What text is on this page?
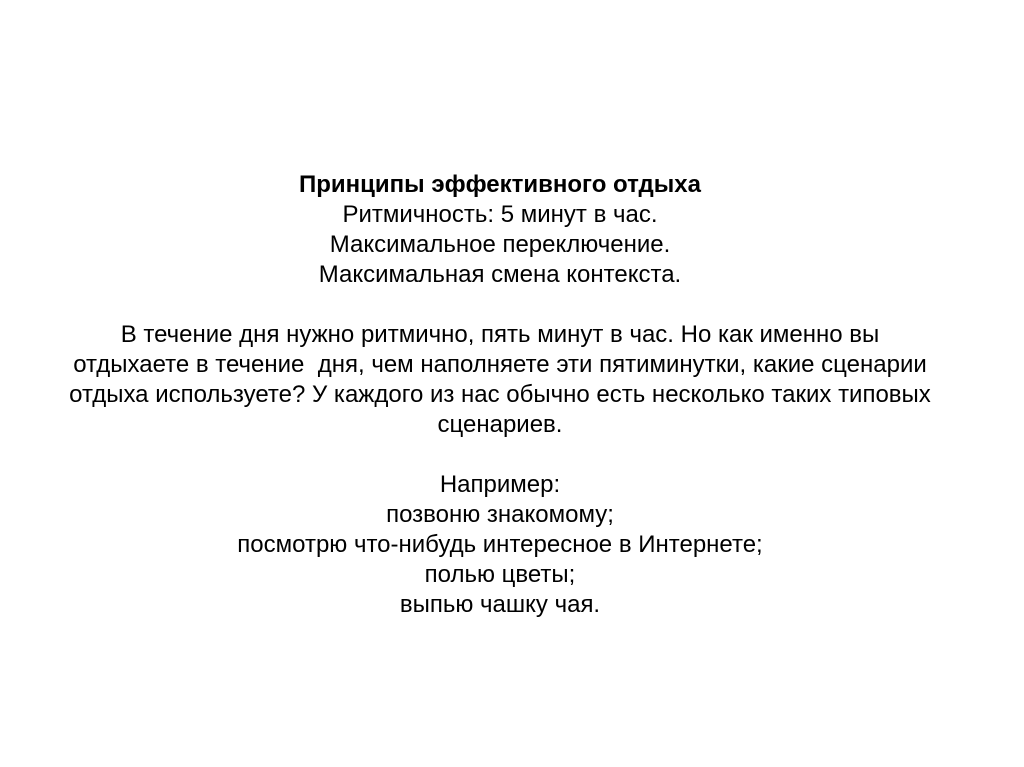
Принципы эффективного отдыха
Ритмичность: 5 минут в час.
Максимальное переключение.
Максимальная смена контекста.
В течение дня нужно ритмично, пять минут в час. Но как именно вы
отдыхаете в течение  дня, чем наполняете эти пятиминутки, какие сценарии
отдыха используете? У каждого из нас обычно есть несколько таких типовых
сценариев.
Например:
позвоню знакомому;
посмотрю что-нибудь интересное в Интернете;
полью цветы;
выпью чашку чая.
